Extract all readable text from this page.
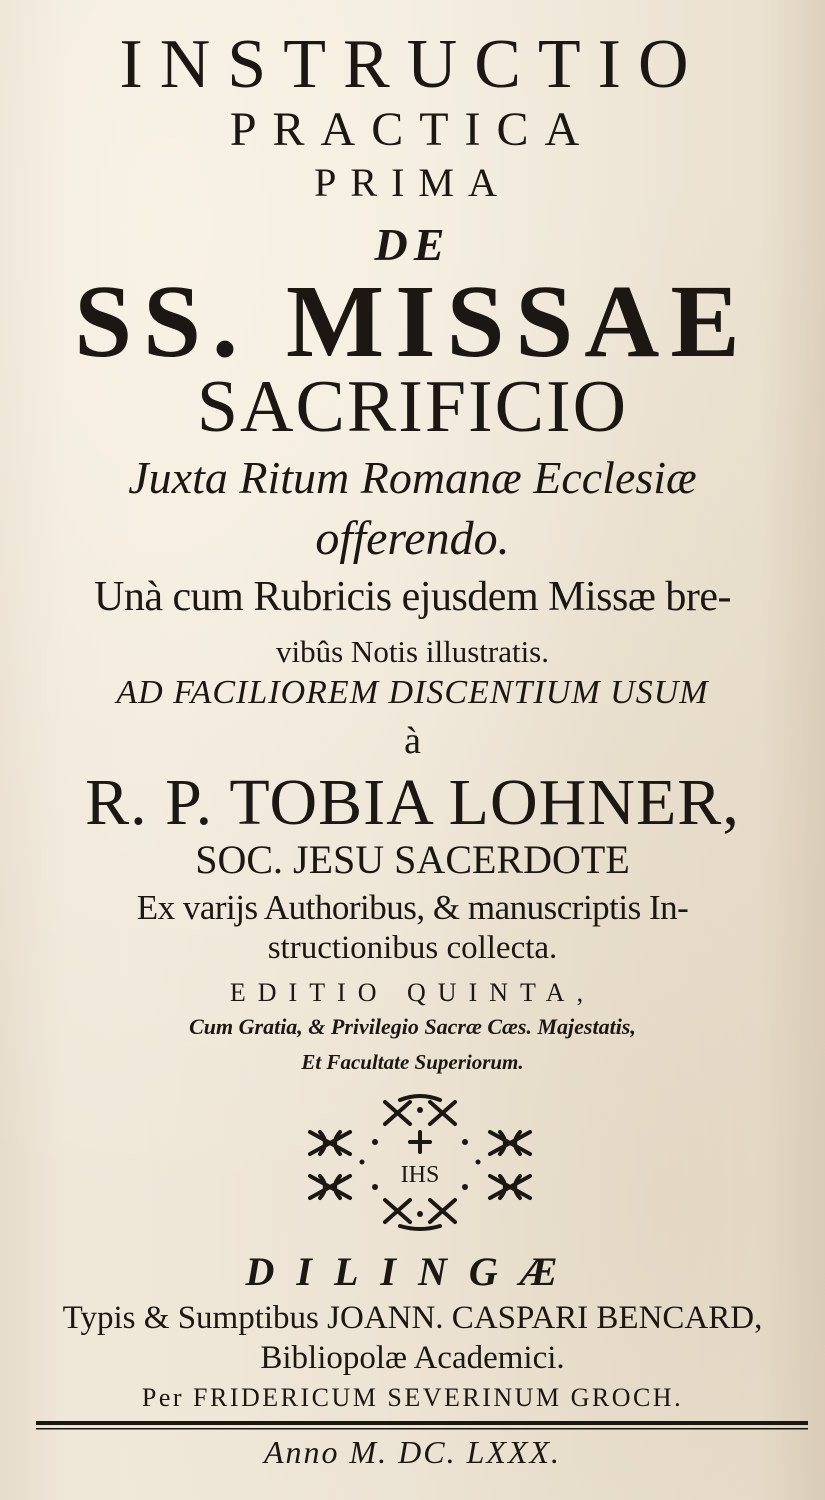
INSTRUCTIO
PRACTICA
PRIMA
DE
SS. MISSAE
SACRIFICIO
Juxta Ritum Romanæ Ecclesiæ
offerendo.
Unà cum Rubricis ejusdem Missæ bre-
vibûs Notis illustratis.
AD FACILIOREM DISCENTIUM USUM
à
R. P. TOBIA LOHNER,
SOC. JESU SACERDOTE
Ex varijs Authoribus, & manuscriptis In-
structionibus collecta.
EDITIO QUINTA,
Cum Gratia, & Privilegio Sacræ Cæs. Majestatis,
Et Facultate Superiorum.
IHS
DILINGÆ
Typis & Sumptibus JOANN. CASPARI BENCARD,
Bibliopolæ Academici.
Per FRIDERICUM SEVERINUM GROCH.
Anno M. DC. LXXX.
